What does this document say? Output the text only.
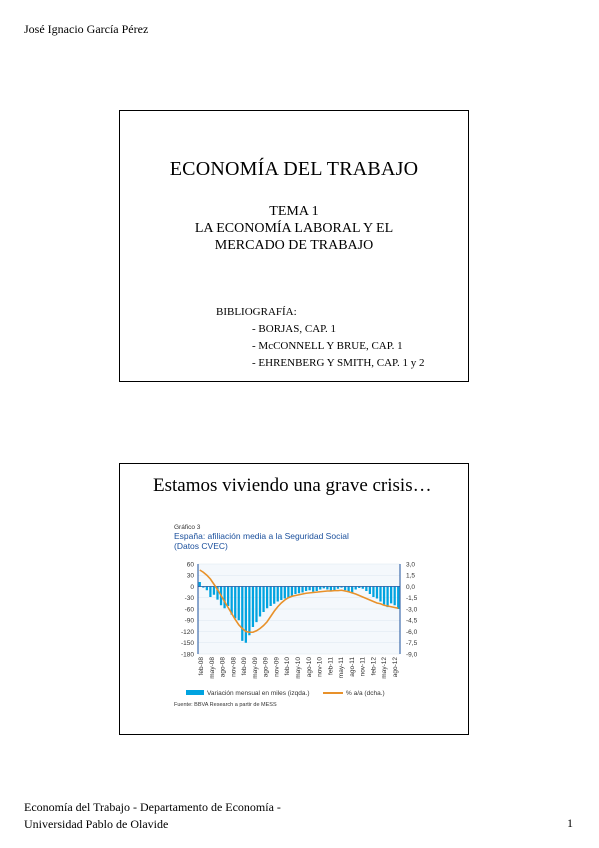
José Ignacio García Pérez
ECONOMÍA DEL TRABAJO
TEMA 1
LA ECONOMÍA LABORAL Y EL
MERCADO DE TRABAJO
BIBLIOGRAFÍA:
- BORJAS, CAP. 1
- McCONNELL Y BRUE, CAP. 1
- EHRENBERG Y SMITH, CAP. 1 y 2
Estamos viviendo una grave crisis…
Gráfico 3
España: afiliación media a la Seguridad Social
(Datos CVEC)
60
30
0
-30
-60
-90
-120
-150
-180
3,0
1,5
0,0
-1,5
-3,0
-4,5
-6,0
-7,5
-9,0
feb-08 may-08 ago-08 nov-08 feb-09 may-09 ago-09 nov-09 feb-10 may-10 ago-10 nov-10 feb-11 may-11 ago-11 nov-11 feb-12 may-12 ago-12
Variación mensual en miles (izqda.)	% a/a (dcha.)
Fuente: BBVA Research a partir de MESS
Economía del Trabajo - Departamento de Economía -
Universidad Pablo de Olavide	1
